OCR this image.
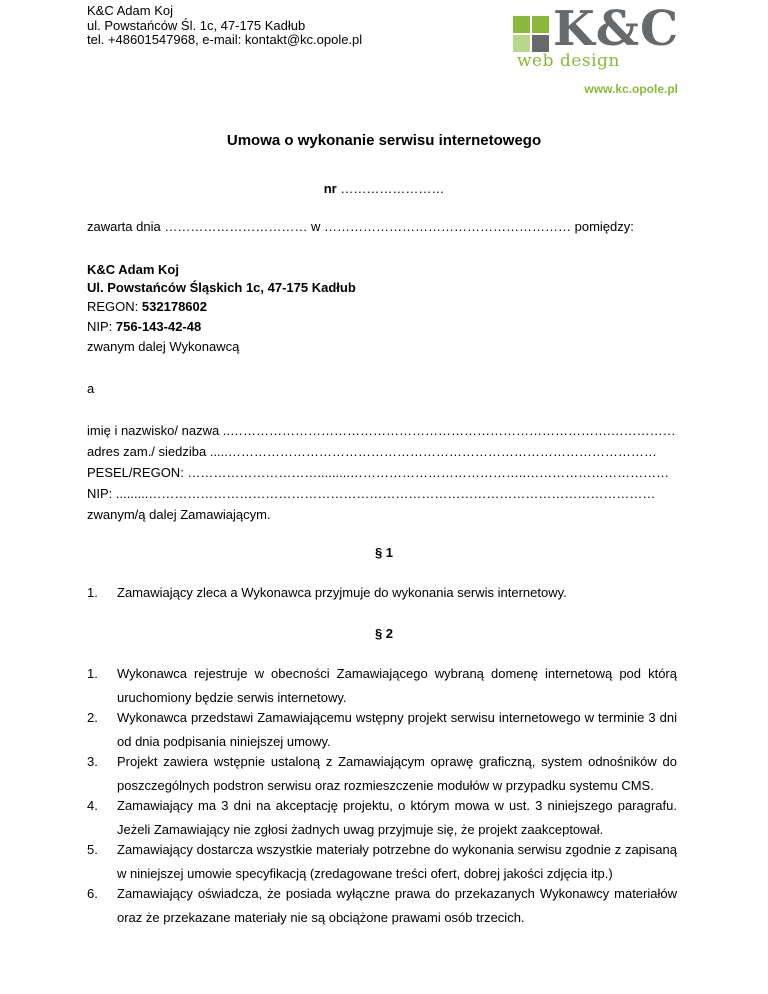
K&C Adam Koj
ul. Powstańców Śl. 1c, 47-175 Kadłub
tel. +48601547968, e-mail: kontakt@kc.opole.pl	K&C
web design
www.kc.opole.pl
Umowa o wykonanie serwisu internetowego
nr ……………………
zawarta dnia …………………………… w ………………………………………………… pomiędzy:
K&C Adam Koj
Ul. Powstańców Śląskich 1c, 47-175 Kadłub
REGON: 532178602
NIP: 756-143-42-48
zwanym dalej Wykonawcą
a
imię i nazwisko/ nazwa ..…………………………………………………………………………….……………
adres zam./ siedziba .....………………………………………………………………………………………
PESEL/REGON: ………………………….........…………………………………..……………………………
NIP: .........………………………………………………………………………………………………………
zwanym/ą dalej Zamawiającym.
§ 1
1. Zamawiający zleca a Wykonawca przyjmuje do wykonania serwis internetowy.
§ 2
1. Wykonawca rejestruje w obecności Zamawiającego wybraną domenę internetową pod którą uruchomiony będzie serwis internetowy.
2. Wykonawca przedstawi Zamawiającemu wstępny projekt serwisu internetowego w terminie 3 dni od dnia podpisania niniejszej umowy.
3. Projekt zawiera wstępnie ustaloną z Zamawiającym oprawę graficzną, system odnośników do poszczególnych podstron serwisu oraz rozmieszczenie modułów w przypadku systemu CMS.
4. Zamawiający ma 3 dni na akceptację projektu, o którym mowa w ust. 3 niniejszego paragrafu. Jeżeli Zamawiający nie zgłosi żadnych uwag przyjmuje się, że projekt zaakceptował.
5. Zamawiający dostarcza wszystkie materiały potrzebne do wykonania serwisu zgodnie z zapisaną w niniejszej umowie specyfikacją (zredagowane treści ofert, dobrej jakości zdjęcia itp.)
6. Zamawiający oświadcza, że posiada wyłączne prawa do przekazanych Wykonawcy materiałów oraz że przekazane materiały nie są obciążone prawami osób trzecich.
